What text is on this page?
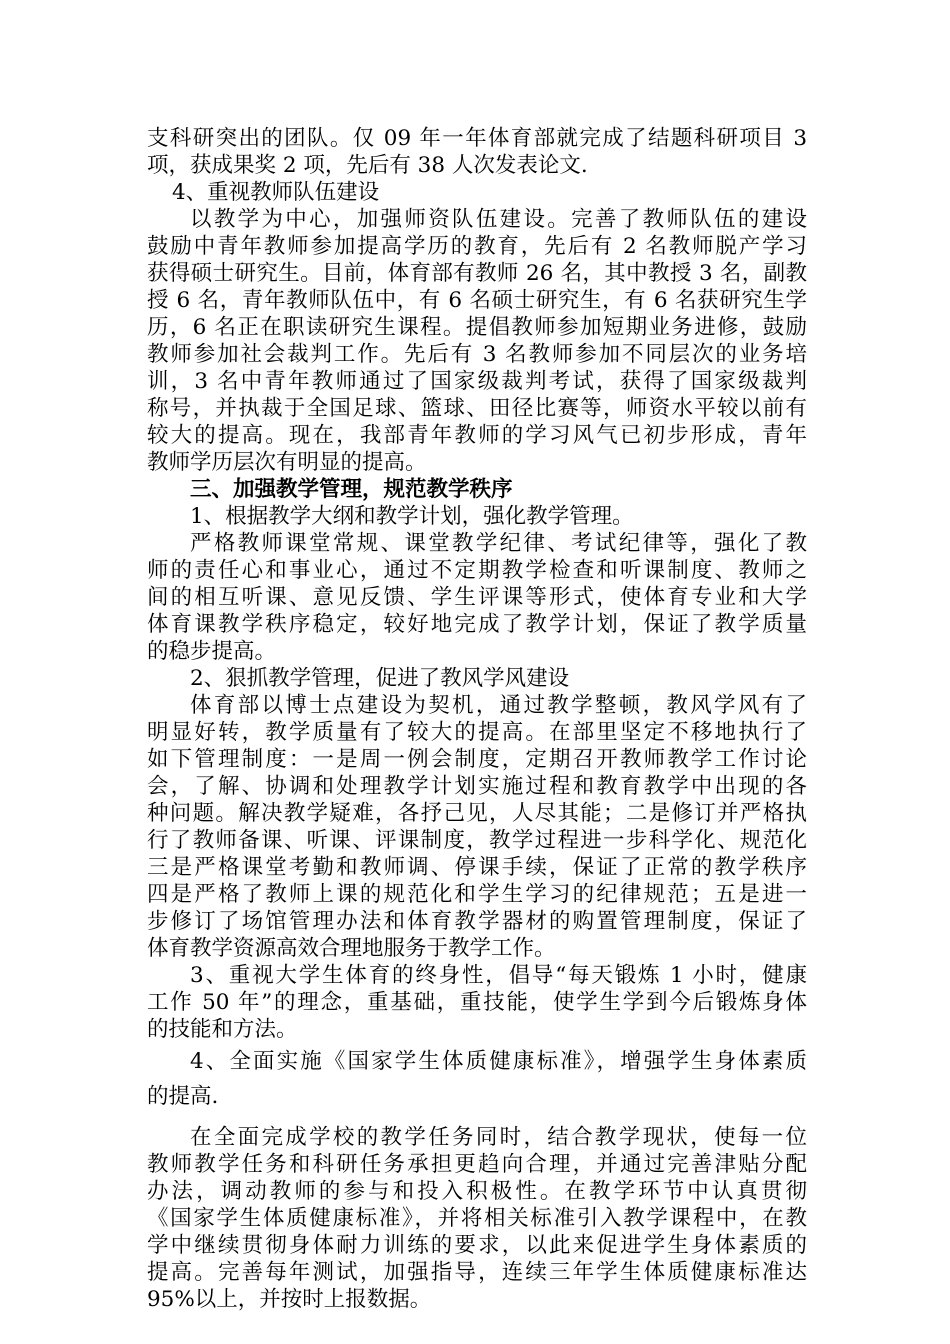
支科研突出的团队。仅 09 年一年体育部就完成了结题科研项目 3
项，获成果奖 2 项，先后有 38 人次发表论文.
4、重视教师队伍建设
以教学为中心，加强师资队伍建设。完善了教师队伍的建设
鼓励中青年教师参加提高学历的教育，先后有 2 名教师脱产学习
获得硕士研究生。目前，体育部有教师 26 名，其中教授 3 名，副教
授 6 名，青年教师队伍中，有 6 名硕士研究生，有 6 名获研究生学
历，6 名正在职读研究生课程。提倡教师参加短期业务进修，鼓励
教师参加社会裁判工作。先后有 3 名教师参加不同层次的业务培
训，3 名中青年教师通过了国家级裁判考试，获得了国家级裁判
称号，并执裁于全国足球、篮球、田径比赛等，师资水平较以前有
较大的提高。现在，我部青年教师的学习风气已初步形成，青年
教师学历层次有明显的提高。
三、加强教学管理，规范教学秩序
1、根据教学大纲和教学计划，强化教学管理。
严格教师课堂常规、课堂教学纪律、考试纪律等，强化了教
师的责任心和事业心，通过不定期教学检查和听课制度、教师之
间的相互听课、意见反馈、学生评课等形式，使体育专业和大学
体育课教学秩序稳定，较好地完成了教学计划，保证了教学质量
的稳步提高。
2、狠抓教学管理，促进了教风学风建设
体育部以博士点建设为契机，通过教学整顿，教风学风有了
明显好转，教学质量有了较大的提高。在部里坚定不移地执行了
如下管理制度：一是周一例会制度，定期召开教师教学工作讨论
会，了解、协调和处理教学计划实施过程和教育教学中出现的各
种问题。解决教学疑难，各抒己见，人尽其能；二是修订并严格执
行了教师备课、听课、评课制度，教学过程进一步科学化、规范化
三是严格课堂考勤和教师调、停课手续，保证了正常的教学秩序
四是严格了教师上课的规范化和学生学习的纪律规范；五是进一
步修订了场馆管理办法和体育教学器材的购置管理制度，保证了
体育教学资源高效合理地服务于教学工作。
3、重视大学生体育的终身性，倡导“每天锻炼 1 小时，健康
工作 50 年”的理念，重基础，重技能，使学生学到今后锻炼身体
的技能和方法。
4、全面实施《国家学生体质健康标准》，增强学生身体素质
的提高.
在全面完成学校的教学任务同时，结合教学现状，使每一位
教师教学任务和科研任务承担更趋向合理，并通过完善津贴分配
办法，调动教师的参与和投入积极性。在教学环节中认真贯彻
《国家学生体质健康标准》，并将相关标准引入教学课程中，在教
学中继续贯彻身体耐力训练的要求，以此来促进学生身体素质的
提高。完善每年测试，加强指导，连续三年学生体质健康标准达
95%以上，并按时上报数据。
